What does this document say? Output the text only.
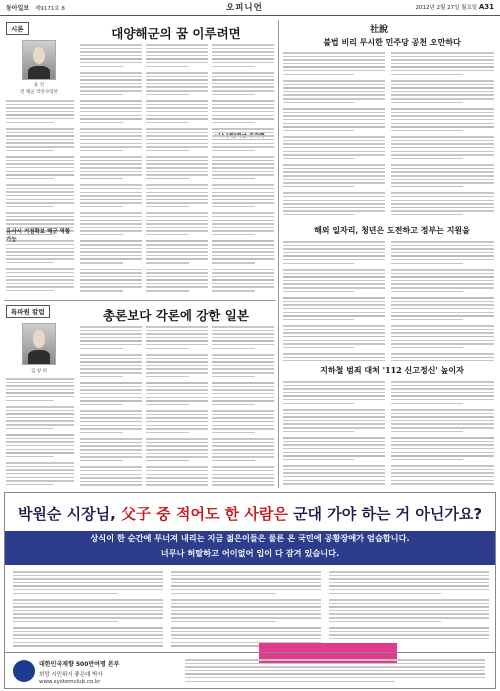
동아일보 제9171호 8	오피니언	2012년 2월 27일 월요일 A31
시론
윤 연
전 해군 작전사령관
대양해군의 꿈 이루려면
유사시 거점확보 해군 역할 가능
특파원 칼럼
김 창 희
총론보다 각론에 강한 일본
社說
불법 비리 무시한 민주당 공천 오만하다
해외 일자리, 청년은 도전하고 정부는 지원을
지하철 범죄 대처 '112 신고정신' 높이자
박원순 시장님, 父子 중 적어도 한 사람은 군대 가야 하는 거 아닌가요?
상식이 한 순간에 무너져 내리는 지금 젊은이들은 물론 온 국민에 공황장애가 엄습합니다.
너무나 허탈하고 어이없어 입이 다 잠겨 있습니다.
대한민국재향 500만여명 본부
희망 시민위시 좋은대 박사
www.systemclub.co.kr
